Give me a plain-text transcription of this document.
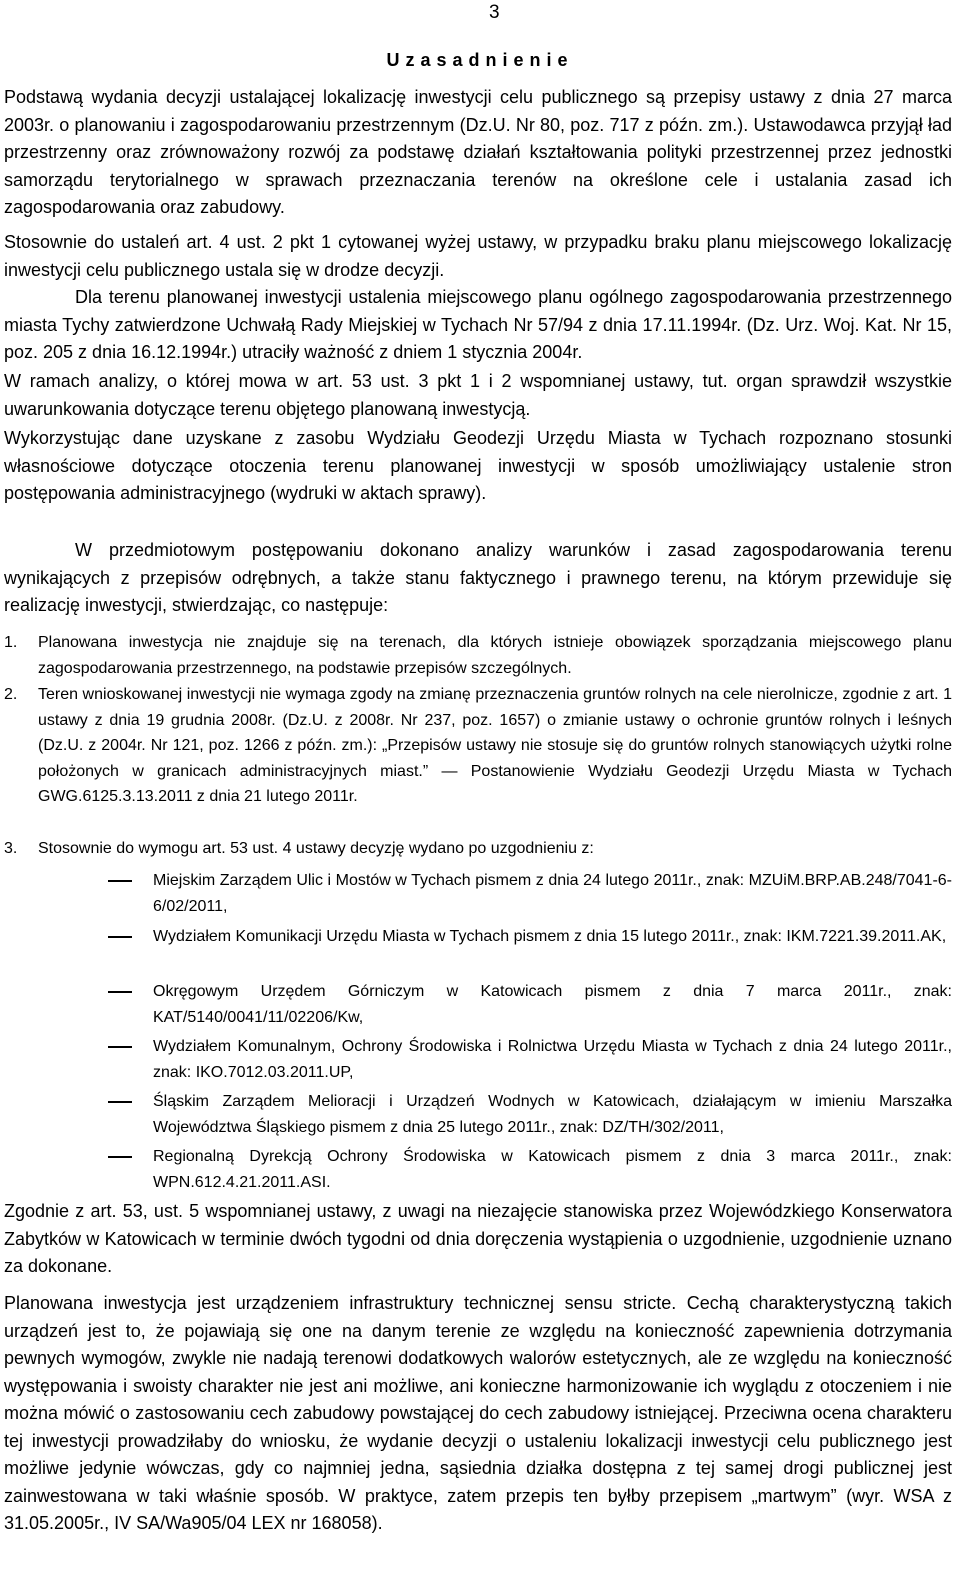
3
Uzasadnienie
Podstawą wydania decyzji ustalającej lokalizację inwestycji celu publicznego są przepisy ustawy z dnia 27 marca 2003r. o planowaniu i zagospodarowaniu przestrzennym (Dz.U. Nr 80, poz. 717 z późn. zm.). Ustawodawca przyjął ład przestrzenny oraz zrównoważony rozwój za podstawę działań kształtowania polityki przestrzennej przez jednostki samorządu terytorialnego w sprawach przeznaczania terenów na określone cele i ustalania zasad ich zagospodarowania oraz zabudowy.
Stosownie do ustaleń art. 4 ust. 2 pkt 1 cytowanej wyżej ustawy, w przypadku braku planu miejscowego lokalizację inwestycji celu publicznego ustala się w drodze decyzji.
Dla terenu planowanej inwestycji ustalenia miejscowego planu ogólnego zagospodarowania przestrzennego miasta Tychy zatwierdzone Uchwałą Rady Miejskiej w Tychach Nr 57/94 z dnia 17.11.1994r. (Dz. Urz. Woj. Kat. Nr 15, poz. 205 z dnia 16.12.1994r.) utraciły ważność z dniem 1 stycznia 2004r.
W ramach analizy, o której mowa w art. 53 ust. 3 pkt 1 i 2 wspomnianej ustawy, tut. organ sprawdził wszystkie uwarunkowania dotyczące terenu objętego planowaną inwestycją.
Wykorzystując dane uzyskane z zasobu Wydziału Geodezji Urzędu Miasta w Tychach rozpoznano stosunki własnościowe dotyczące otoczenia terenu planowanej inwestycji w sposób umożliwiający ustalenie stron postępowania administracyjnego (wydruki w aktach sprawy).
W przedmiotowym postępowaniu dokonano analizy warunków i zasad zagospodarowania terenu wynikających z przepisów odrębnych, a także stanu faktycznego i prawnego terenu, na którym przewiduje się realizację inwestycji, stwierdzając, co następuje:
1. Planowana inwestycja nie znajduje się na terenach, dla których istnieje obowiązek sporządzania miejscowego planu zagospodarowania przestrzennego, na podstawie przepisów szczególnych.
2. Teren wnioskowanej inwestycji nie wymaga zgody na zmianę przeznaczenia gruntów rolnych na cele nierolnicze, zgodnie z art. 1 ustawy z dnia 19 grudnia 2008r. (Dz.U. z 2008r. Nr 237, poz. 1657) o zmianie ustawy o ochronie gruntów rolnych i leśnych (Dz.U. z 2004r. Nr 121, poz. 1266 z późn. zm.): „Przepisów ustawy nie stosuje się do gruntów rolnych stanowiących użytki rolne położonych w granicach administracyjnych miast.” — Postanowienie Wydziału Geodezji Urzędu Miasta w Tychach GWG.6125.3.13.2011 z dnia 21 lutego 2011r.
3. Stosownie do wymogu art. 53 ust. 4 ustawy decyzję wydano po uzgodnieniu z:
Miejskim Zarządem Ulic i Mostów w Tychach pismem z dnia 24 lutego 2011r., znak: MZUiM.BRP.AB.248/7041-6-6/02/2011,
Wydziałem Komunikacji Urzędu Miasta w Tychach pismem z dnia 15 lutego 2011r., znak: IKM.7221.39.2011.AK,
Okręgowym Urzędem Górniczym w Katowicach pismem z dnia 7 marca 2011r., znak: KAT/5140/0041/11/02206/Kw,
Wydziałem Komunalnym, Ochrony Środowiska i Rolnictwa Urzędu Miasta w Tychach z dnia 24 lutego 2011r., znak: IKO.7012.03.2011.UP,
Śląskim Zarządem Melioracji i Urządzeń Wodnych w Katowicach, działającym w imieniu Marszałka Województwa Śląskiego pismem z dnia 25 lutego 2011r., znak: DZ/TH/302/2011,
Regionalną Dyrekcją Ochrony Środowiska w Katowicach pismem z dnia 3 marca 2011r., znak: WPN.612.4.21.2011.ASI.
Zgodnie z art. 53, ust. 5 wspomnianej ustawy, z uwagi na niezajęcie stanowiska przez Wojewódzkiego Konserwatora Zabytków w Katowicach w terminie dwóch tygodni od dnia doręczenia wystąpienia o uzgodnienie, uzgodnienie uznano za dokonane.
Planowana inwestycja jest urządzeniem infrastruktury technicznej sensu stricte. Cechą charakterystyczną takich urządzeń jest to, że pojawiają się one na danym terenie ze względu na konieczność zapewnienia dotrzymania pewnych wymogów, zwykle nie nadają terenowi dodatkowych walorów estetycznych, ale ze względu na konieczność występowania i swoisty charakter nie jest ani możliwe, ani konieczne harmonizowanie ich wyglądu z otoczeniem i nie można mówić o zastosowaniu cech zabudowy powstającej do cech zabudowy istniejącej. Przeciwna ocena charakteru tej inwestycji prowadziłaby do wniosku, że wydanie decyzji o ustaleniu lokalizacji inwestycji celu publicznego jest możliwe jedynie wówczas, gdy co najmniej jedna, sąsiednia działka dostępna z tej samej drogi publicznej jest zainwestowana w taki właśnie sposób. W praktyce, zatem przepis ten byłby przepisem „martwym” (wyr. WSA z 31.05.2005r., IV SA/Wa905/04 LEX nr 168058).
